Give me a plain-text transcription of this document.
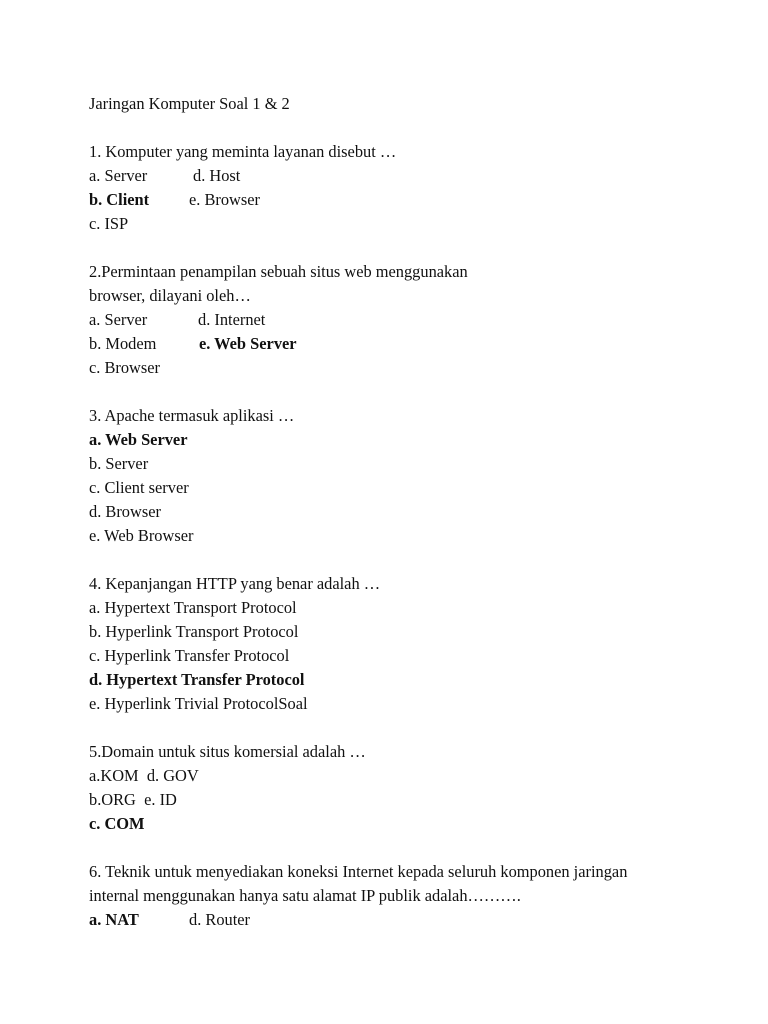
Jaringan Komputer Soal 1 & 2
1. Komputer yang meminta layanan disebut …
a. Server	d. Host
b. Client	e. Browser
c. ISP
2.Permintaan penampilan sebuah situs web menggunakan
browser, dilayani oleh…
a. Server	d. Internet
b. Modem	e. Web Server
c. Browser
3. Apache termasuk aplikasi …
a. Web Server
b. Server
c. Client server
d. Browser
e. Web Browser
4. Kepanjangan HTTP yang benar adalah …
a. Hypertext Transport Protocol
b. Hyperlink Transport Protocol
c. Hyperlink Transfer Protocol
d. Hypertext Transfer Protocol
e. Hyperlink Trivial ProtocolSoal
5.Domain untuk situs komersial adalah …
a.KOM  d. GOV
b.ORG  e. ID
c. COM
6. Teknik untuk menyediakan koneksi Internet kepada seluruh komponen jaringan internal menggunakan hanya satu alamat IP publik adalah……….
a. NAT	d. Router
